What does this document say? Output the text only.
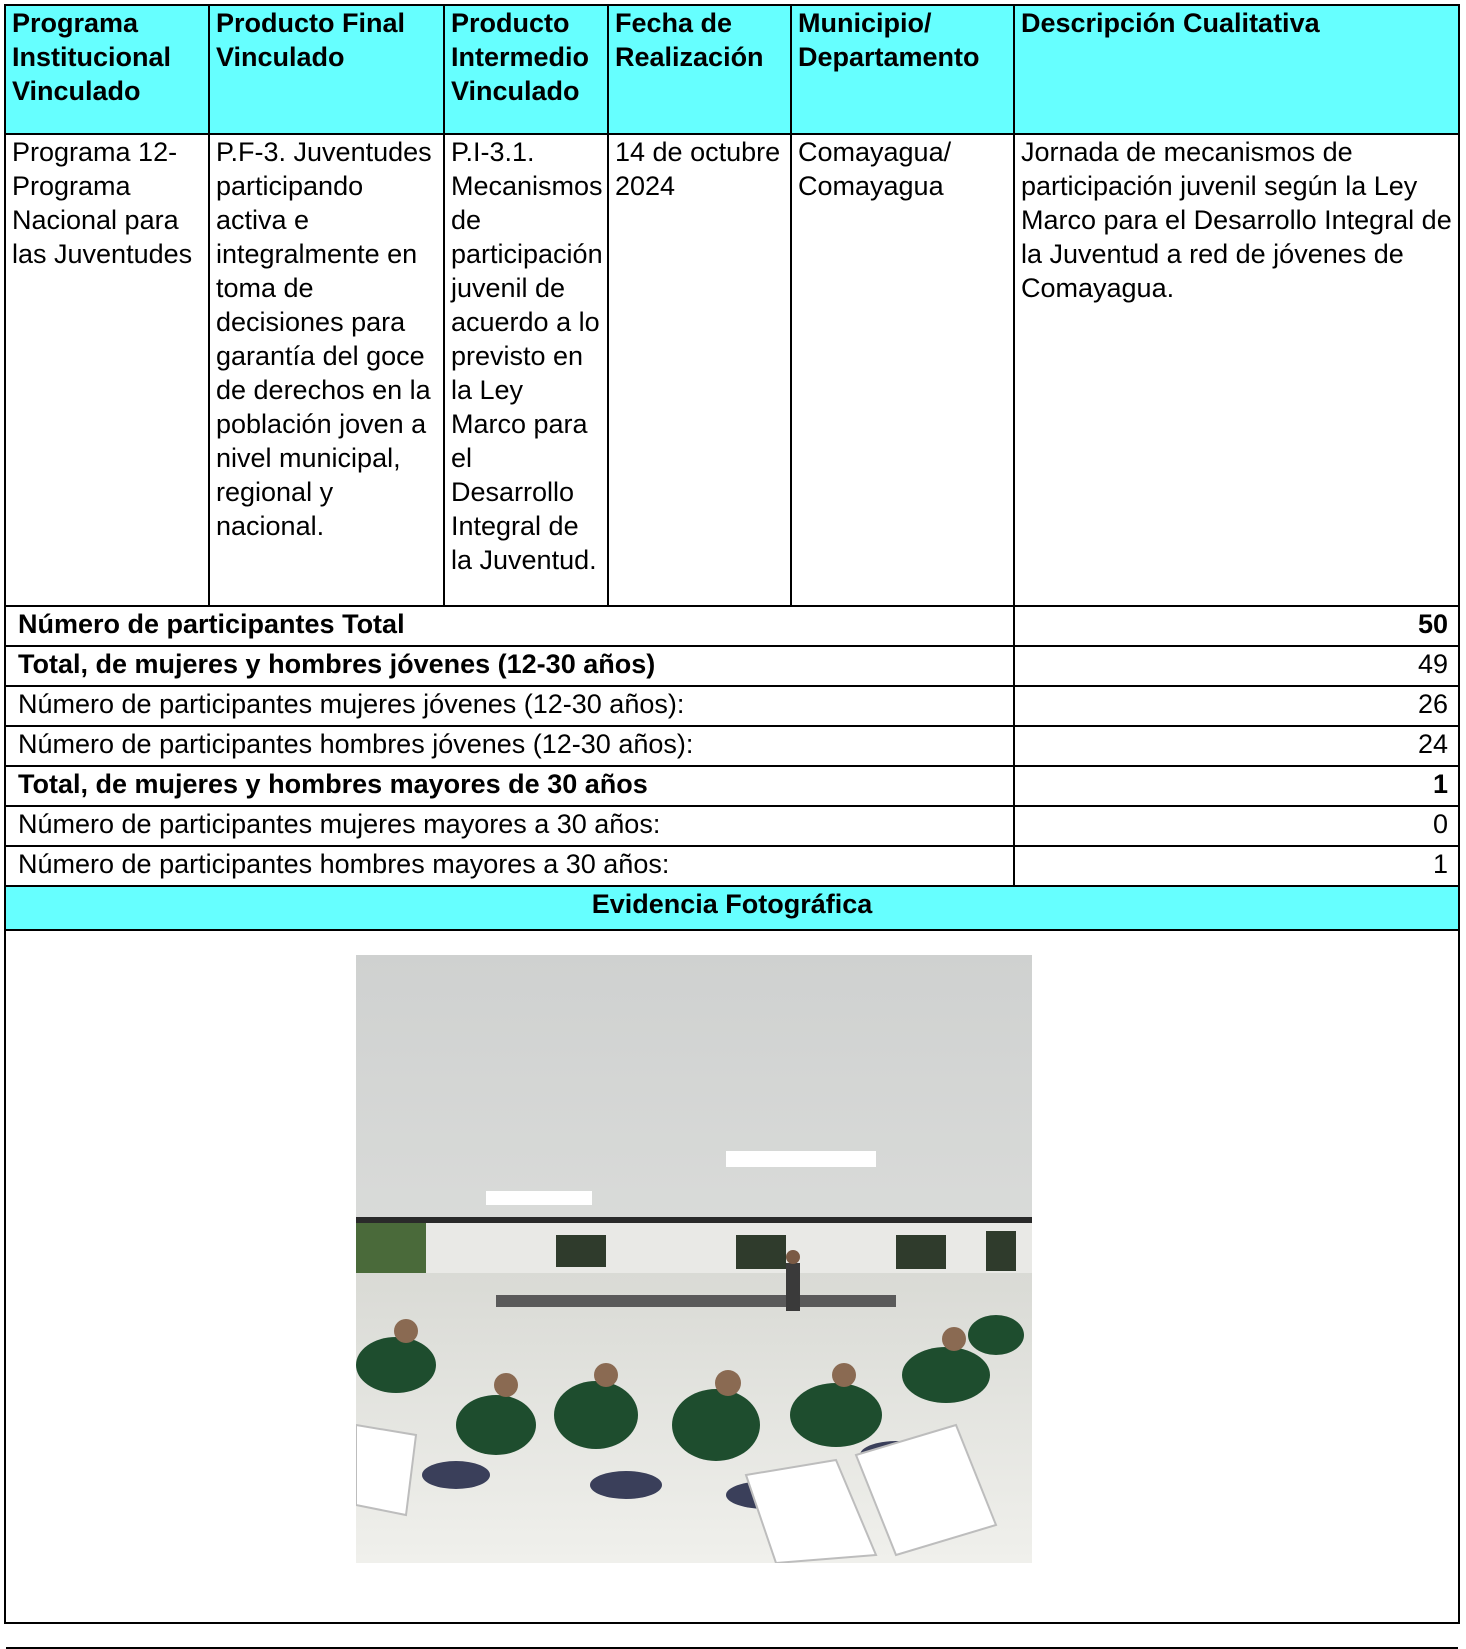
Programa Institucional Vinculado	Producto Final Vinculado	Producto Intermedio Vinculado	Fecha de Realización	Municipio/ Departamento	Descripción Cualitativa
Programa 12-Programa Nacional para las Juventudes	P.F-3. Juventudes participando activa e integralmente en toma de decisiones para garantía del goce de derechos en la población joven a nivel municipal, regional y nacional.	P.I-3.1. Mecanismos de participación juvenil de acuerdo a lo previsto en la Ley Marco para el Desarrollo Integral de la Juventud.	14 de octubre 2024	Comayagua/ Comayagua	Jornada de mecanismos de participación juvenil según la Ley Marco para el Desarrollo Integral de la Juventud a red de jóvenes de Comayagua.
Número de participantes Total					50
Total, de mujeres y hombres jóvenes (12-30 años)					49
Número de participantes mujeres jóvenes (12-30 años):					26
Número de participantes hombres jóvenes (12-30 años):					24
Total, de mujeres y hombres mayores de 30 años					1
Número de participantes mujeres mayores a 30 años:					0
Número de participantes hombres mayores a 30 años:					1
Evidencia Fotográfica					
